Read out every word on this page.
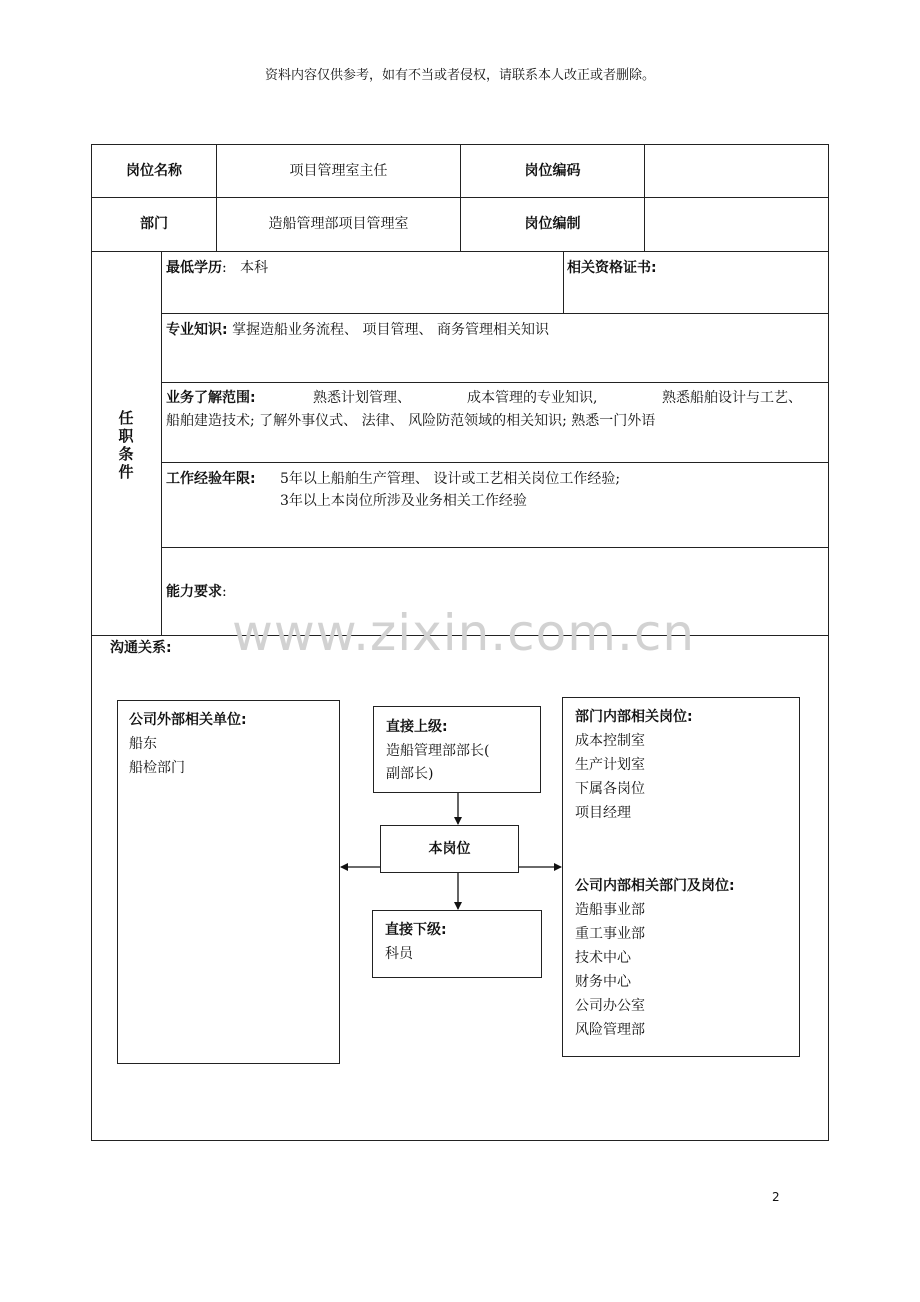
资料内容仅供参考，如有不当或者侵权，请联系本人改正或者删除。
岗位名称	项目管理室主任	岗位编码
部门	造船管理部项目管理室	岗位编制
任
职
条
件
最低学历: 本科	相关资格证书:
专业知识: 掌握造船业务流程、 项目管理、 商务管理相关知识
业务了解范围:	熟悉计划管理、	成本管理的专业知识,	熟悉船舶设计与工艺、
船舶建造技术; 了解外事仪式、 法律、 风险防范领域的相关知识; 熟悉一门外语
工作经验年限: 5年以上船舶生产管理、 设计或工艺相关岗位工作经验;
3年以上本岗位所涉及业务相关工作经验
能力要求:
www.zixin.com.cn
沟通关系:
公司外部相关单位:
船东
船检部门
直接上级:
造船管理部部长(
副部长)
本岗位
直接下级:
科员
部门内部相关岗位:
成本控制室
生产计划室
下属各岗位
项目经理
公司内部相关部门及岗位:
造船事业部
重工事业部
技术中心
财务中心
公司办公室
风险管理部
2
